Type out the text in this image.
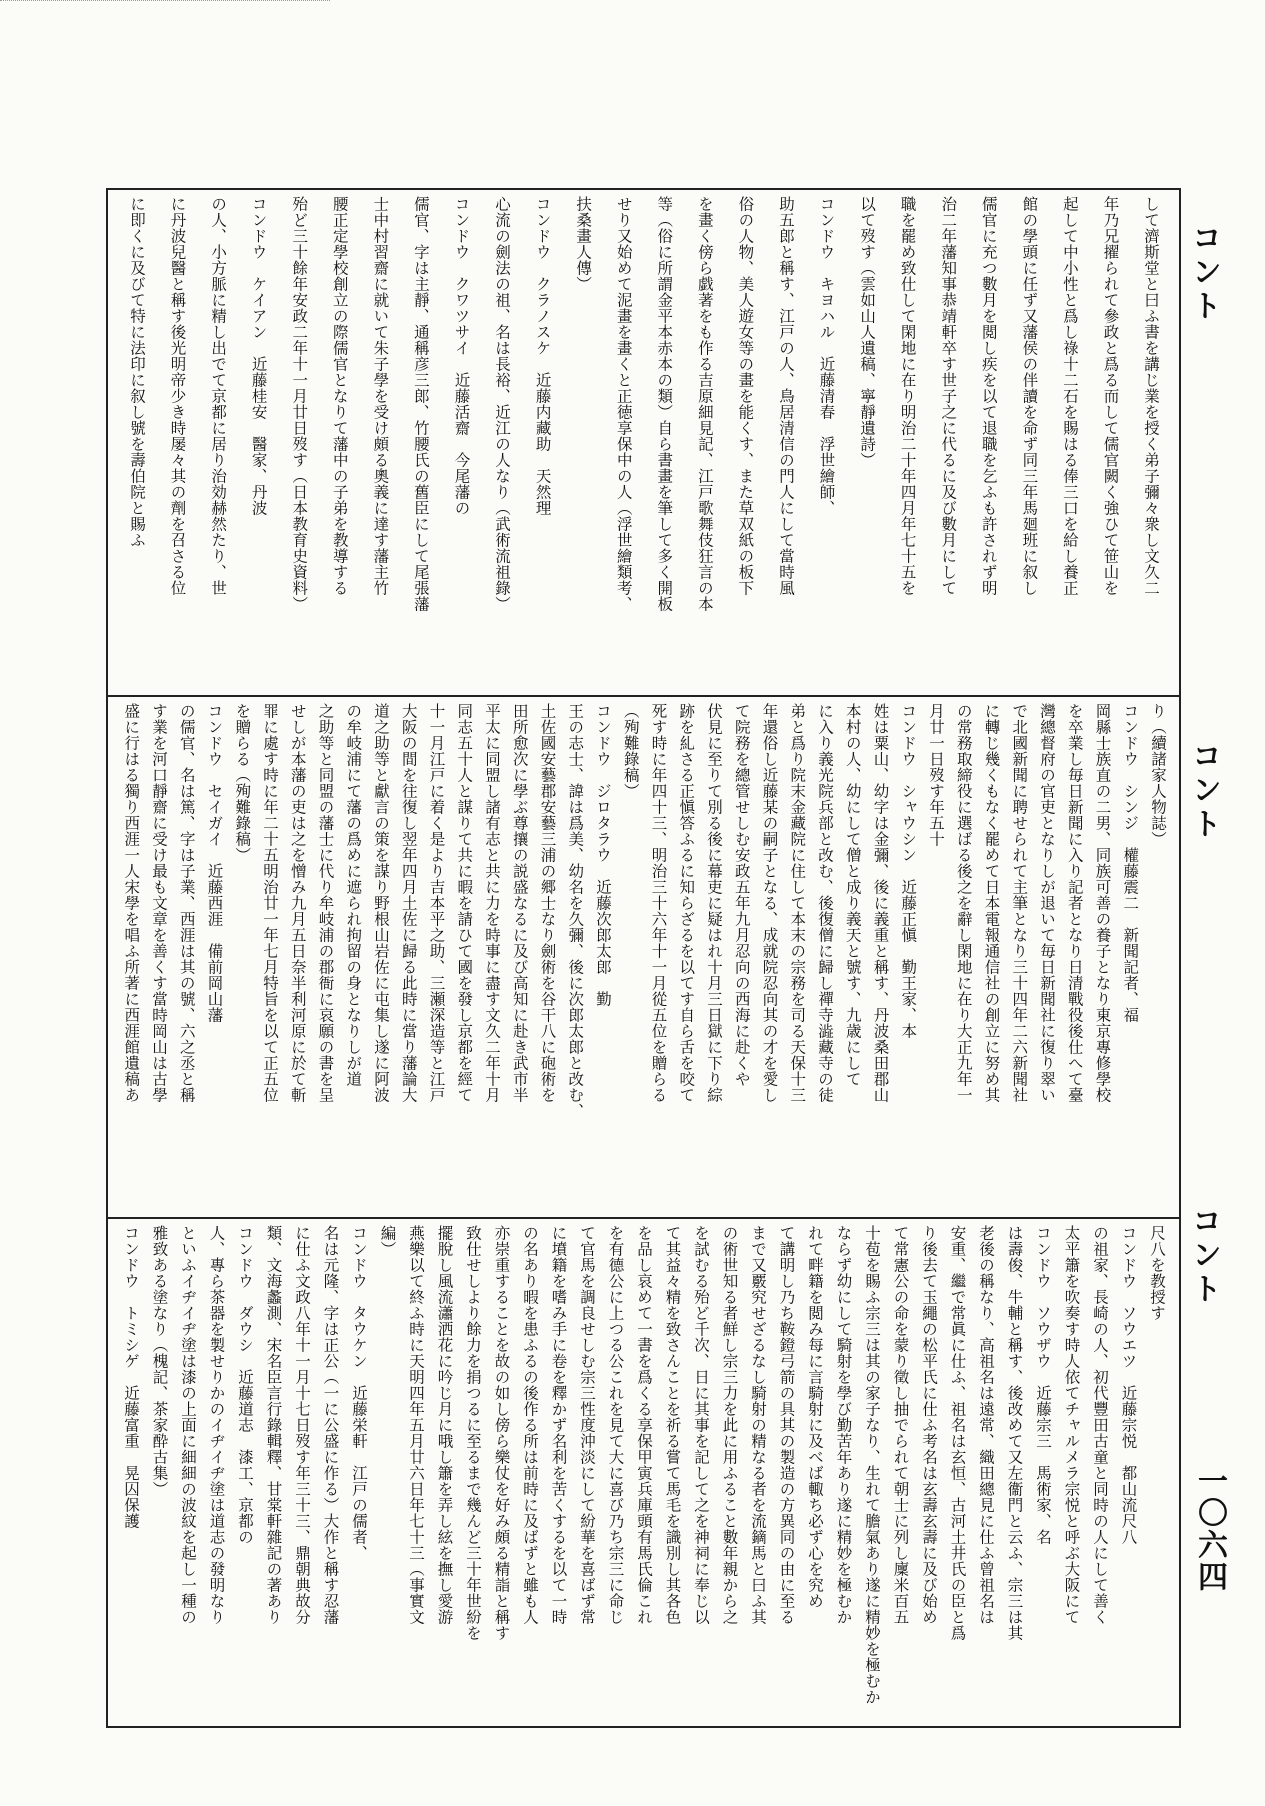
して濟斯堂と曰ふ書を講じ業を授く弟子彌々衆し文久二
年乃兄擢られて參政と爲る而して儒官闕く強ひて笹山を
起して中小性と爲し祿十二石を賜はる俸三口を給し養正
館の學頭に任ず又藩侯の伴讀を命ず同三年馬廻班に叙し
儒官に充つ數月を閲し疾を以て退職を乞ふも許されず明
治二年藩知事恭靖軒卒す世子之に代るに及び數月にして
職を罷め致仕して閑地に在り明治二十年四月年七十五を
以て歿す（雲如山人遺稿、寧靜遺詩）
コンドウ　キヨハル　近藤清春　浮世繪師、
助五郎と稱す、江戸の人、鳥居清信の門人にして當時風
俗の人物、美人遊女等の畫を能くす、また草双紙の板下
を畫く傍ら戯著をも作る吉原細見記、江戸歌舞伎狂言の本
等（俗に所謂金平本赤本の類）自ら書畫を筆して多く開板
せり又始めて泥畫を畫くと正徳享保中の人（浮世繪類考、
扶桑畫人傳）
コンドウ　クラノスケ　近藤内藏助　天然理
心流の劍法の祖、名は長裕、近江の人なり（武術流祖錄）
コンドウ　クワツサイ　近藤活齋　今尾藩の
儒官、字は主靜、通稱彦三郎、竹腰氏の舊臣にして尾張藩
士中村習齋に就いて朱子學を受け頗る奧義に達す藩主竹
腰正定學校創立の際儒官となりて藩中の子弟を教導する
殆ど三十餘年安政二年十一月廿日歿す（日本教育史資料）
コンドウ　ケイアン　近藤桂安　醫家、丹波
の人、小方脈に精し出でて京都に居り治効赫然たり、世
に丹波兒醫と稱す後光明帝少き時屡々其の劑を召さる位
に即くに及びて特に法印に叙し號を壽伯院と賜ふ
り（續諸家人物誌）
コンドウ　シンジ　權藤震二　新聞記者、福
岡縣士族直の二男、同族可善の養子となり東京專修學校
を卒業し毎日新聞に入り記者となり日清戰役後仕へて臺
灣總督府の官吏となりしが退いて毎日新聞社に復り翠い
で北國新聞に聘せられて主筆となり三十四年二六新聞社
に轉じ幾くもなく罷めて日本電報通信社の創立に努め其
の常務取締役に選ばる後之を辭し閑地に在り大正九年一
月廿一日歿す年五十
コンドウ　シャウシン　近藤正愼　勤王家、本
姓は粟山、幼字は金彌、後に義重と稱す、丹波桑田郡山
本村の人、幼にして僧と成り義天と號す、九歳にして
に入り義光院兵部と改む、後復僧に歸し禪寺澁藏寺の徒
弟と爲り院末金藏院に住して本末の宗務を司る天保十三
年還俗し近藤某の嗣子となる、成就院忍向其の才を愛し
て院務を總管せしむ安政五年九月忍向の西海に赴くや
伏見に至りて別る後に幕吏に疑はれ十月三日獄に下り綜
跡を糺さる正愼答ふるに知らざるを以てす自ら舌を咬て
死す時に年四十三、明治三十六年十一月從五位を贈らる
（殉難錄稿）
コンドウ　ジロタラウ　近藤次郎太郎　勤
王の志士、諱は爲美、幼名を久彌、後に次郎太郎と改む、
土佐國安藝郡安藝三浦の郷士なり劍術を谷干八に砲術を
田所愈次に學ぶ尊攘の説盛なるに及び高知に赴き武市半
平太に同盟し諸有志と共に力を時事に盡す文久二年十月
同志五十人と謀りて共に暇を請ひて國を發し京都を經て
十一月江戸に着く是より吉本平之助、三瀬深造等と江戸
大阪の間を往復し翌年四月土佐に歸る此時に當り藩論大
道之助等と獻言の策を謀り野根山岩佐に屯集し遂に阿波
の牟岐浦にて藩の爲めに遮られ拘留の身となりしが道
之助等と同盟の藩士に代り牟岐浦の郡衙に哀願の書を呈
せしが本藩の吏は之を憎み九月五日奈半利河原に於て斬
罪に處す時に年二十五明治廿一年七月特旨を以て正五位
を贈らる（殉難錄稿）
コンドウ　セイガイ　近藤西涯　備前岡山藩
の儒官、名は篤、字は子業、西涯は其の號、六之丞と稱
す業を河口靜齋に受け最も文章を善くす當時岡山は古學
盛に行はる獨り西涯一人宋學を唱ふ所著に西涯館遺稿あ
尺八を教授す
コンドウ　ソウエツ　近藤宗悦　都山流尺八
の祖家、長崎の人、初代豐田古童と同時の人にして善く
太平簫を吹奏す時人依てチャルメラ宗悦と呼ぶ大阪にて
コンドウ　ソウザウ　近藤宗三　馬術家、名
は壽俊、牛輔と稱す、後改めて又左衞門と云ふ、宗三は其
老後の稱なり、高祖名は遠常、織田總見に仕ふ曾祖名は
安重、繼で常眞に仕ふ、祖名は玄恒、古河土井氏の臣と爲
り後去て玉繩の松平氏に仕ふ考名は玄壽玄壽に及び始め
て常憲公の命を蒙り徵し抽でられて朝士に列し廩米百五
十苞を賜ふ宗三は其の家子なり、生れて膽氣あり遂に精妙を極むか
ならず幼にして騎射を學び勤苦年あり遂に精妙を極むか
れて畔籍を閲み每に言騎射に及べば輙ち必ず心を究め
て講明し乃ち鞍鐙弓箭の具其の製造の方異同の由に至る
まで又覈究せざるなし騎射の精なる者を流鏑馬と曰ふ其
の術世知る者鮮し宗三力を此に用ふること數年親から之
を試むる殆ど千次、日に其事を記して之を神祠に奉じ以
て其益々精を致さんことを祈る嘗て馬毛を識別し其各色
を品し哀めて一書を爲くる享保甲寅兵庫頭有馬氏倫これ
を有德公に上つる公これを見て大に喜び乃ち宗三に命じ
て官馬を調良せしむ宗三性度沖淡にして紛華を喜ばず常
に墳籍を嗜み手に卷を釋かず名利を苦くするを以て一時
の名あり暇を患ふるの後作る所は前時に及ばずと雖も人
亦崇重することを故の如し傍ら樂仗を好み頗る精詣と稱す
致仕せしより餘力を捐つるに至るまで幾んど三十年世紛を
擺脫し風流瀟洒花に吟じ月に哦し簫を弄し絃を撫し愛游
燕樂以て終ふ時に天明四年五月廿六日年七十三（事實文
編）
コンドウ　タウケン　近藤栄軒　江戸の儒者、
名は元隆、字は正公（一に公盛に作る）大作と稱す忍藩
に仕ふ文政八年十一月十七日歿す年三十三、鼎朝典故分
類、文海蠡測、宋名臣言行錄輯釋、甘棠軒雜記の著あり
コンドウ　ダウシ　近藤道志　漆工、京都の
人、專ら茶器を製せりかのイヂイヂ塗は道志の發明なり
といふイヂイヂ塗は漆の上面に細細の波紋を起し一種の
雅致ある塗なり（槐記、茶家酔古集）
コンドウ　トミシゲ　近藤富重　晃囚保護
コント
コント
コント
一〇六四
